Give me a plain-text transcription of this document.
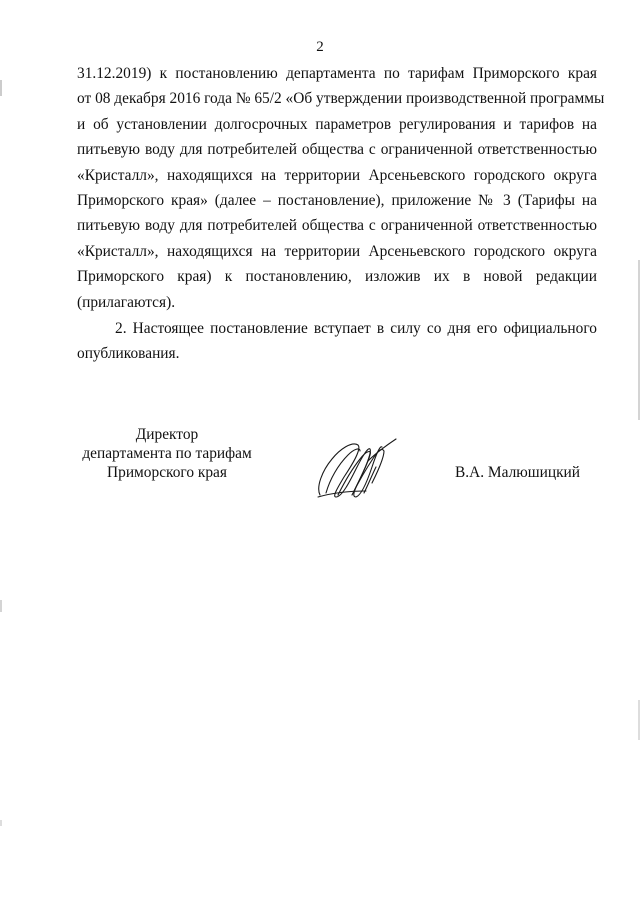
2
31.12.2019) к постановлению департамента по тарифам Приморского края
от 08 декабря 2016 года № 65/2 «Об утверждении производственной программы
и об установлении долгосрочных параметров регулирования и тарифов на
питьевую воду для потребителей общества с ограниченной ответственностью
«Кристалл», находящихся на территории Арсеньевского городского округа
Приморского края» (далее – постановление), приложение № 3 (Тарифы на
питьевую воду для потребителей общества с ограниченной ответственностью
«Кристалл», находящихся на территории Арсеньевского городского округа
Приморского края) к постановлению, изложив их в новой редакции
(прилагаются).
2. Настоящее постановление вступает в силу со дня его официального
опубликования.
Директор
департамента по тарифам
Приморского края	В.А. Малюшицкий
